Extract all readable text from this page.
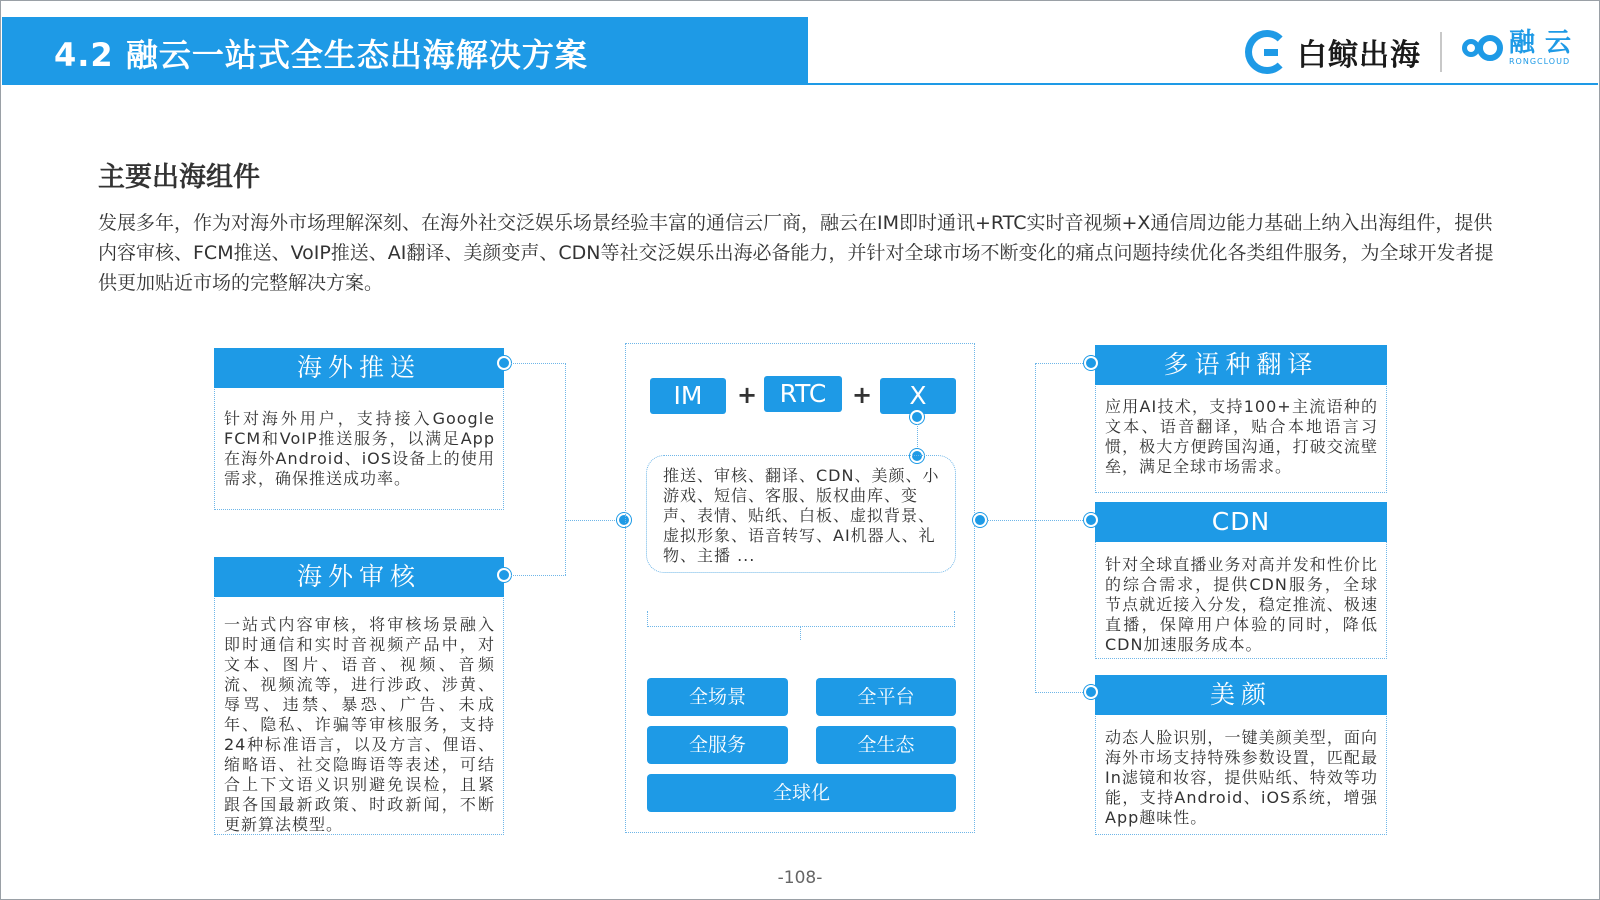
4.2 融云一站式全生态出海解决方案	白鲸出海	融云
RONGCLOUD
主要出海组件
发展多年，作为对海外市场理解深刻、在海外社交泛娱乐场景经验丰富的通信云厂商，融云在IM即时通讯+RTC实时音视频+X通信周边能力基础上纳入出海组件，提供内容审核、FCM推送、VoIP推送、AI翻译、美颜变声、CDN等社交泛娱乐出海必备能力，并针对全球市场不断变化的痛点问题持续优化各类组件服务，为全球开发者提供更加贴近市场的完整解决方案。
海外推送
针对海外用户，支持接入Google FCM和VoIP推送服务，以满足App在海外Android、iOS设备上的使用需求，确保推送成功率。
海外审核
一站式内容审核，将审核场景融入即时通信和实时音视频产品中，对文本、图片、语音、视频、音频流、视频流等，进行涉政、涉黄、辱骂、违禁、暴恐、广告、未成年、隐私、诈骗等审核服务，支持24种标准语言，以及方言、俚语、缩略语、社交隐晦语等表述，可结合上下文语义识别避免误检，且紧跟各国最新政策、时政新闻，不断更新算法模型。
IM	+ RTC	+	X
推送、审核、翻译、CDN、美颜、小游戏、短信、客服、版权曲库、变声、表情、贴纸、白板、虚拟背景、虚拟形象、语音转写、AI机器人、礼物、主播 ...
全场景	全平台
全服务	全生态
全球化
多语种翻译
应用AI技术，支持100+主流语种的文本、语音翻译，贴合本地语言习惯，极大方便跨国沟通，打破交流壁垒，满足全球市场需求。
CDN
针对全球直播业务对高并发和性价比的综合需求，提供CDN服务，全球节点就近接入分发，稳定推流、极速直播，保障用户体验的同时，降低CDN加速服务成本。
美颜
动态人脸识别，一键美颜美型，面向海外市场支持特殊参数设置，匹配最In滤镜和妆容，提供贴纸、特效等功能，支持Android、iOS系统，增强App趣味性。
-108-
